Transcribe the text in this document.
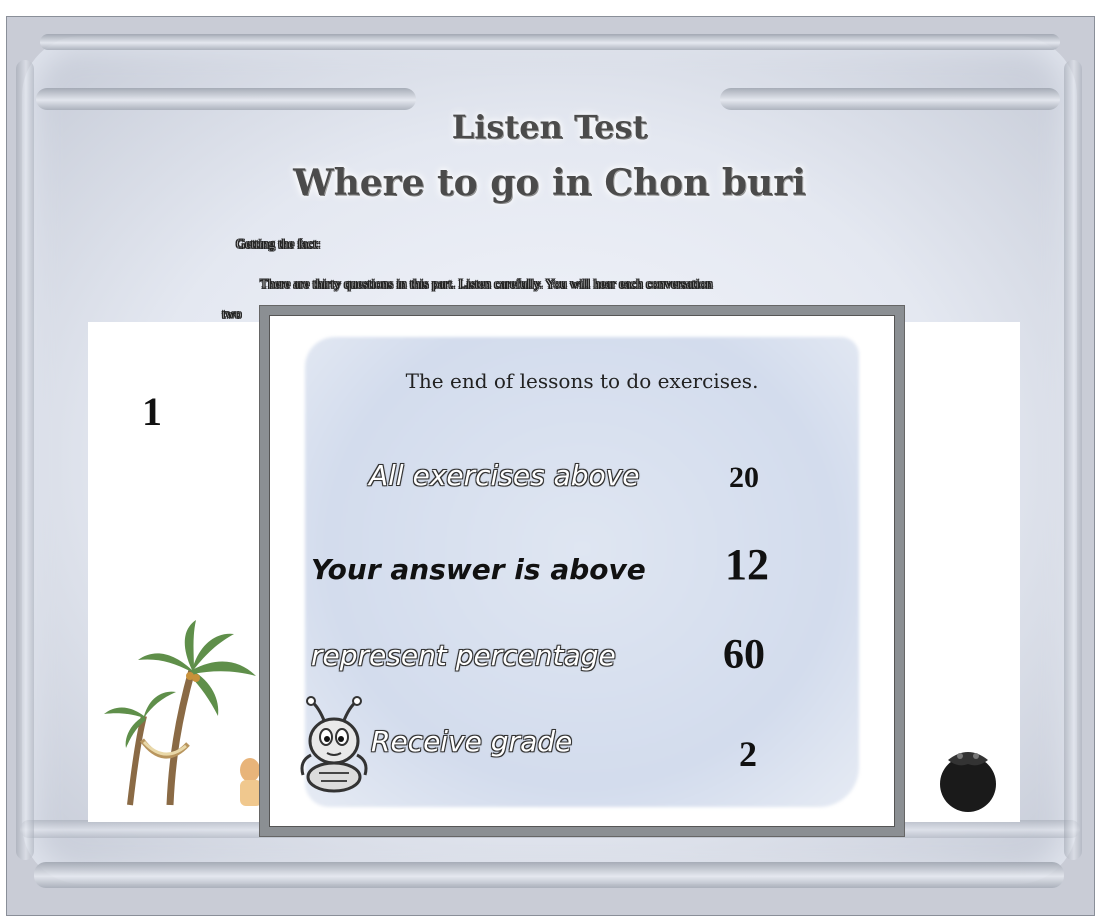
Listen Test
Where to go in Chon buri
Getting the fact:
There are thirty questions in this part. Listen carefully. You will hear each conversation
two
1
The end of lessons to do exercises.
All exercises above	20
Your answer is above 12
represent percentage	60
Receive grade	2
